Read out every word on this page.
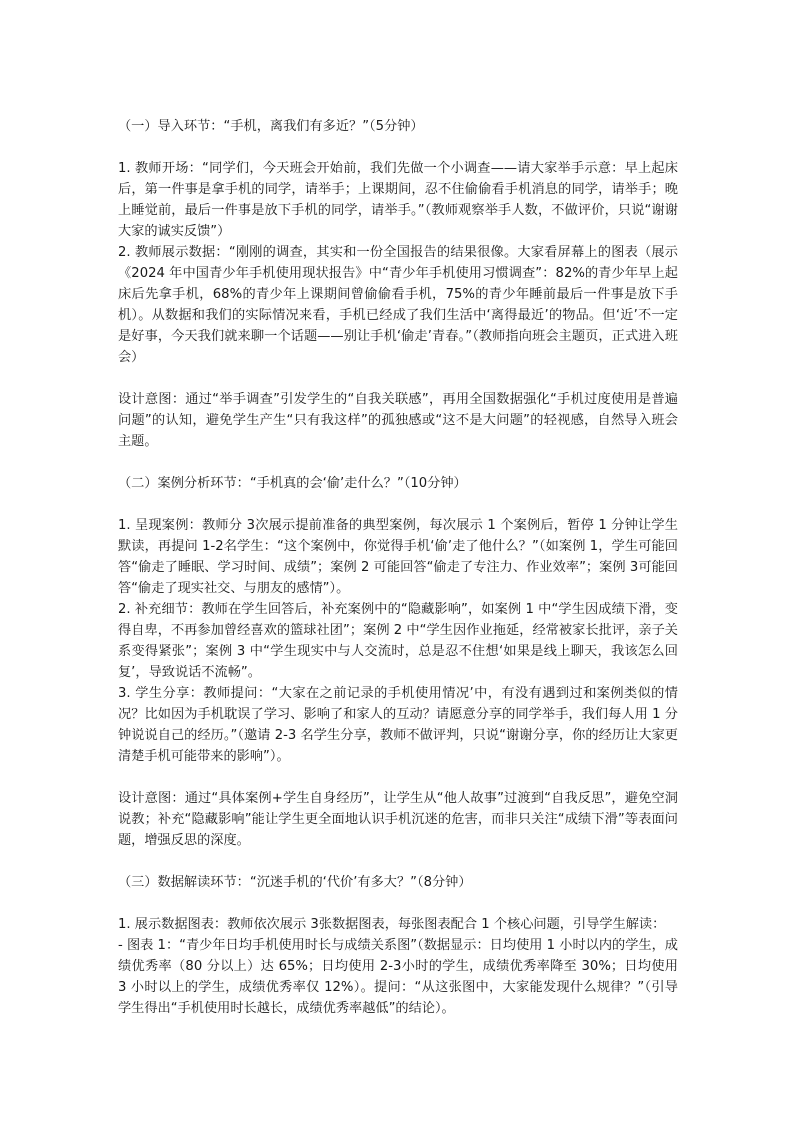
（一）导入环节：“手机，离我们有多近？”（5分钟）

1. 教师开场：“同学们，今天班会开始前，我们先做一个小调查——请大家举手示意：早上起床后，第一件事是拿手机的同学，请举手；上课期间，忍不住偷偷看手机消息的同学，请举手；晚上睡觉前，最后一件事是放下手机的同学，请举手。”（教师观察举手人数，不做评价，只说“谢谢大家的诚实反馈”）

2. 教师展示数据：“刚刚的调查，其实和一份全国报告的结果很像。大家看屏幕上的图表（展示《2024 年中国青少年手机使用现状报告》中“青少年手机使用习惯调查”：82%的青少年早上起床后先拿手机，68%的青少年上课期间曾偷偷看手机，75%的青少年睡前最后一件事是放下手机）。从数据和我们的实际情况来看，手机已经成了我们生活中‘离得最近’的物品。但‘近’不一定是好事，今天我们就来聊一个话题——别让手机‘偷走’青春。”（教师指向班会主题页，正式进入班会）

设计意图：通过“举手调查”引发学生的“自我关联感”，再用全国数据强化“手机过度使用是普遍问题”的认知，避免学生产生“只有我这样”的孤独感或“这不是大问题”的轻视感，自然导入班会主题。

（二）案例分析环节：“手机真的会‘偷’走什么？”（10分钟）

1. 呈现案例：教师分 3次展示提前准备的典型案例，每次展示 1 个案例后，暂停 1 分钟让学生默读，再提问 1-2名学生：“这个案例中，你觉得手机‘偷’走了他什么？”（如案例 1，学生可能回答“偷走了睡眠、学习时间、成绩”；案例 2 可能回答“偷走了专注力、作业效率”；案例 3可能回答“偷走了现实社交、与朋友的感情”）。

2. 补充细节：教师在学生回答后，补充案例中的“隐藏影响”，如案例 1 中“学生因成绩下滑，变得自卑，不再参加曾经喜欢的篮球社团”；案例 2 中“学生因作业拖延，经常被家长批评，亲子关系变得紧张”；案例 3 中“学生现实中与人交流时，总是忍不住想‘如果是线上聊天，我该怎么回复’，导致说话不流畅”。

3. 学生分享：教师提问：“大家在之前记录的手机使用情况’中，有没有遇到过和案例类似的情况？比如因为手机耽误了学习、影响了和家人的互动？请愿意分享的同学举手，我们每人用 1 分钟说说自己的经历。”（邀请 2-3 名学生分享，教师不做评判，只说“谢谢分享，你的经历让大家更清楚手机可能带来的影响”）。

设计意图：通过“具体案例+学生自身经历”，让学生从“他人故事”过渡到“自我反思”，避免空洞说教；补充“隐藏影响”能让学生更全面地认识手机沉迷的危害，而非只关注“成绩下滑”等表面问题，增强反思的深度。

（三）数据解读环节：“沉迷手机的‘代价’有多大？”（8分钟）

1. 展示数据图表：教师依次展示 3张数据图表，每张图表配合 1 个核心问题，引导学生解读：

- 图表 1：“青少年日均手机使用时长与成绩关系图”（数据显示：日均使用 1 小时以内的学生，成绩优秀率（80 分以上）达 65%；日均使用 2-3小时的学生，成绩优秀率降至 30%；日均使用 3 小时以上的学生，成绩优秀率仅 12%）。提问：“从这张图中，大家能发现什么规律？”（引导学生得出“手机使用时长越长，成绩优秀率越低”的结论）。
